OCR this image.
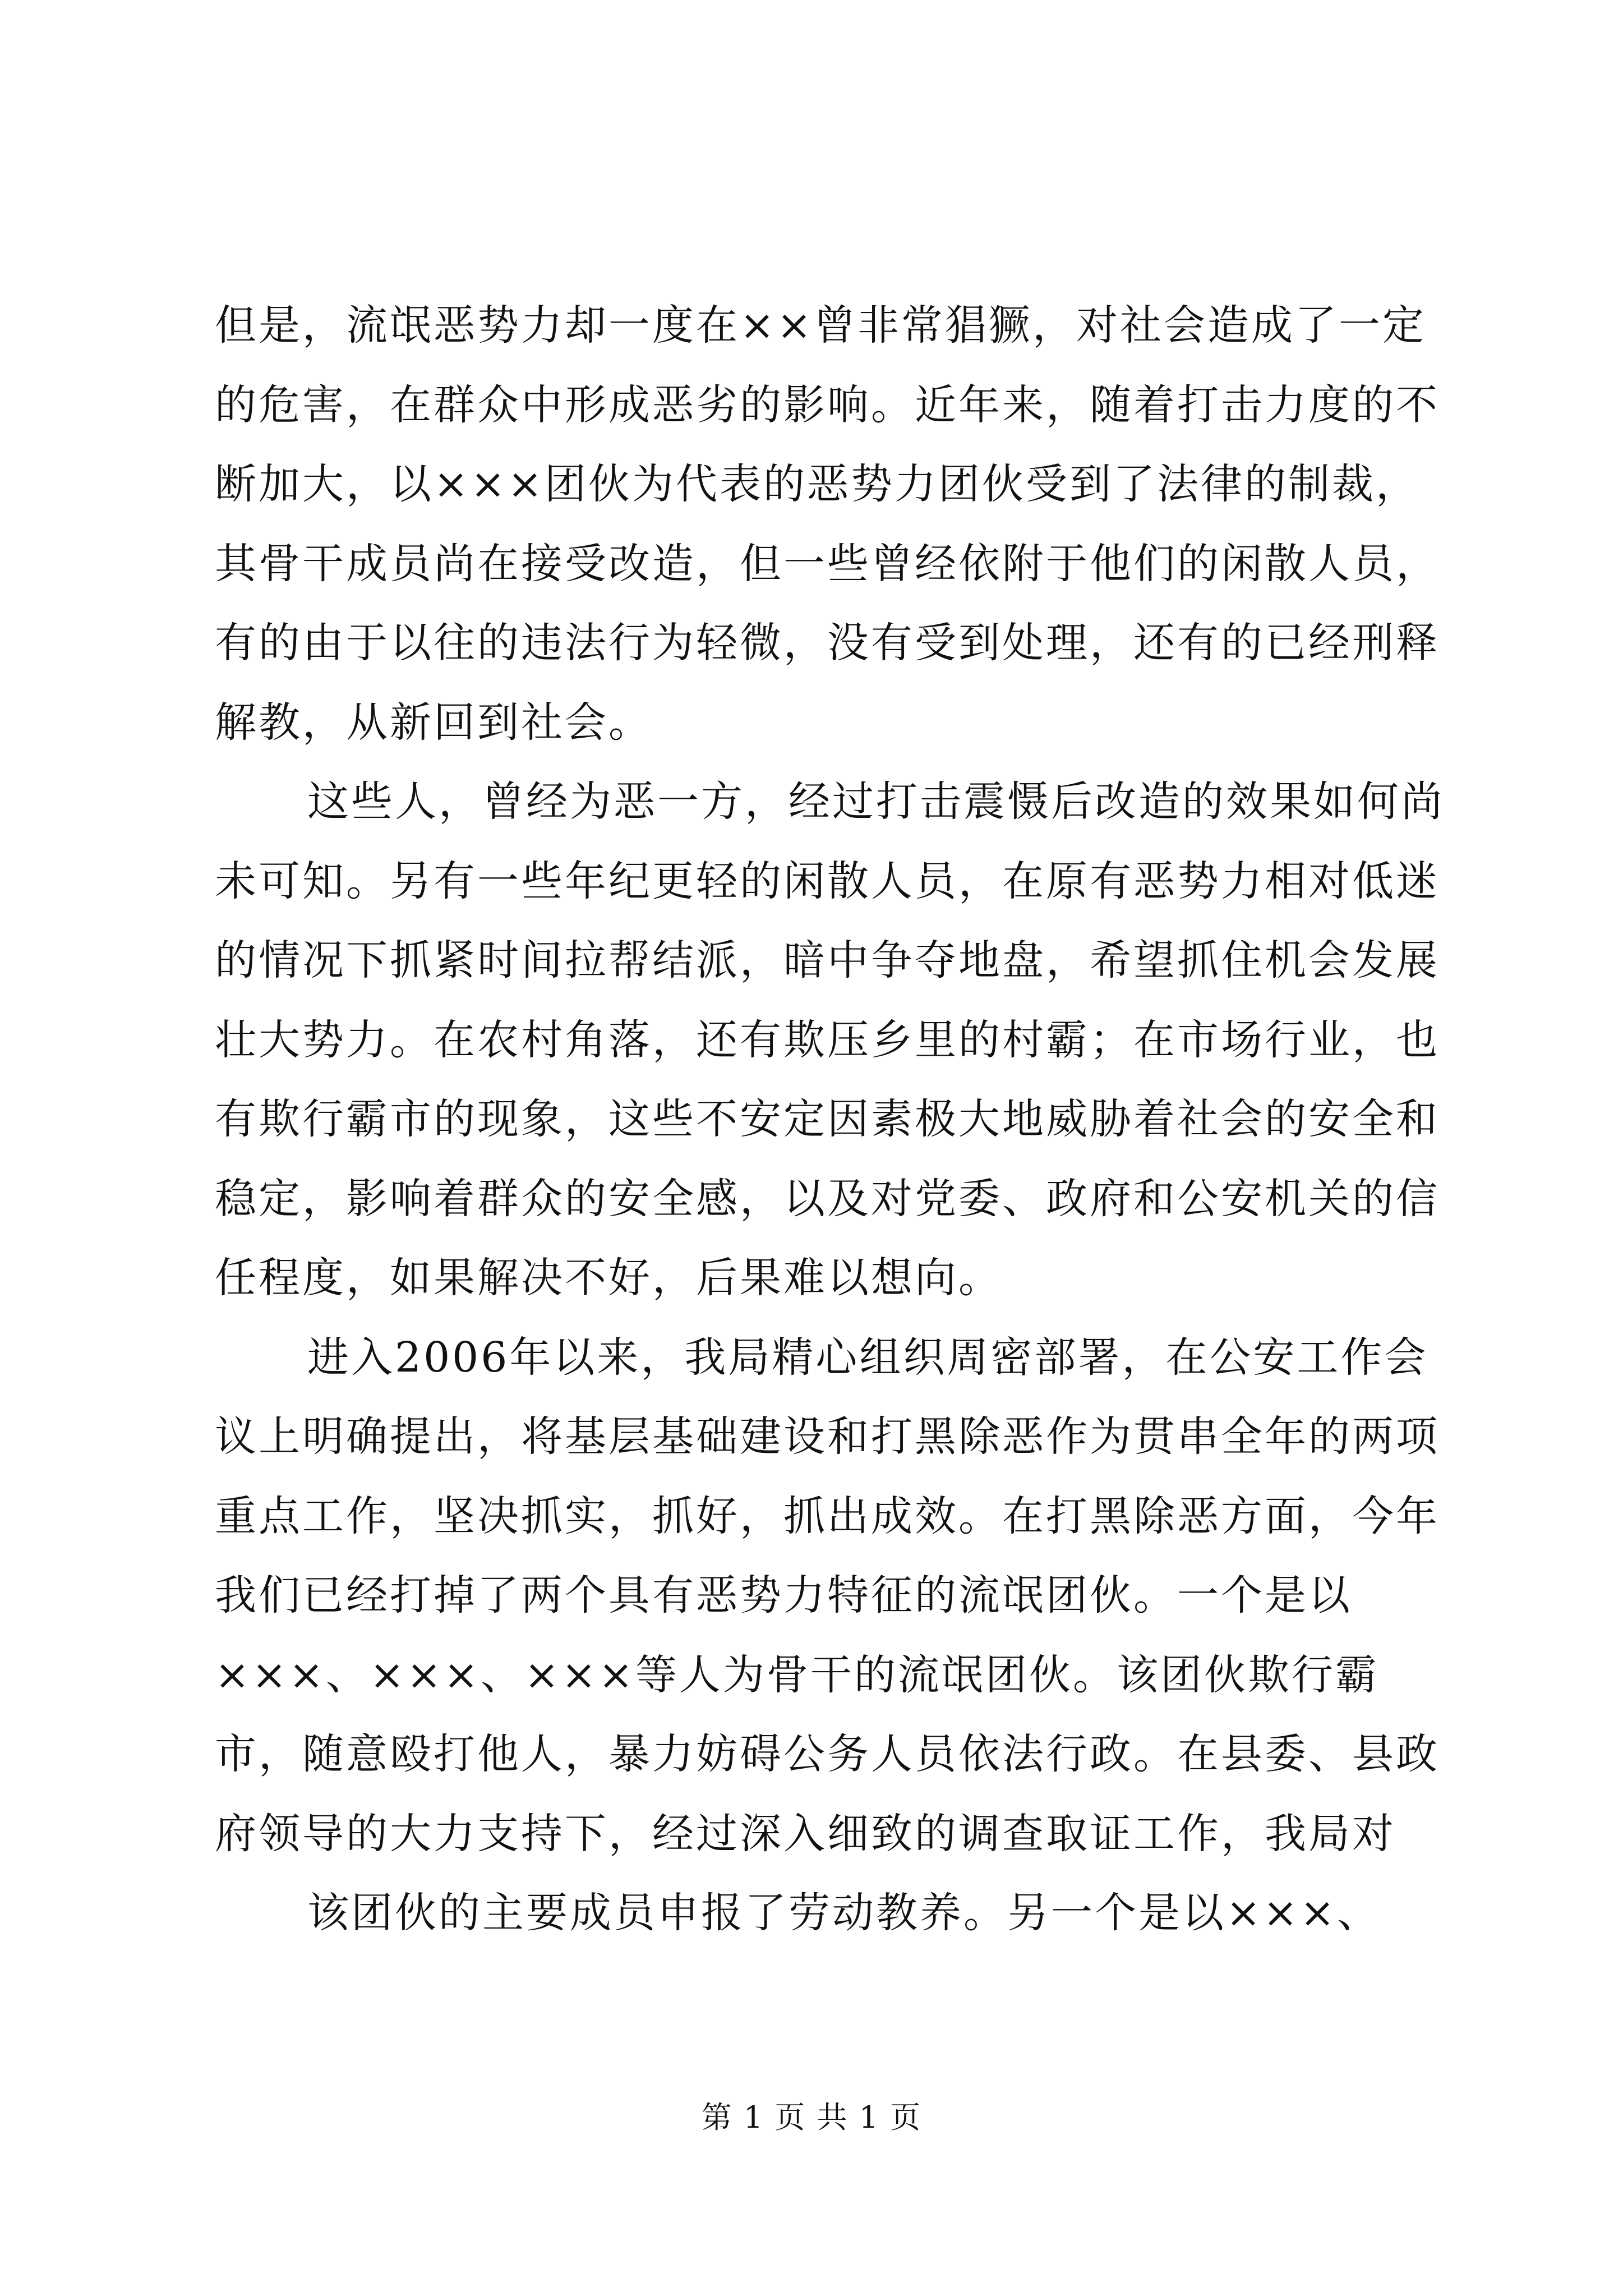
但是，流氓恶势力却一度在××曾非常猖獗，对社会造成了一定
的危害，在群众中形成恶劣的影响。近年来，随着打击力度的不
断加大，以×××团伙为代表的恶势力团伙受到了法律的制裁，
其骨干成员尚在接受改造，但一些曾经依附于他们的闲散人员，
有的由于以往的违法行为轻微，没有受到处理，还有的已经刑释
解教，从新回到社会。
这些人，曾经为恶一方，经过打击震慑后改造的效果如何尚
未可知。另有一些年纪更轻的闲散人员，在原有恶势力相对低迷
的情况下抓紧时间拉帮结派，暗中争夺地盘，希望抓住机会发展
壮大势力。在农村角落，还有欺压乡里的村霸；在市场行业，也
有欺行霸市的现象，这些不安定因素极大地威胁着社会的安全和
稳定，影响着群众的安全感，以及对党委、政府和公安机关的信
任程度，如果解决不好，后果难以想向。
进入2006年以来，我局精心组织周密部署，在公安工作会
议上明确提出，将基层基础建设和打黑除恶作为贯串全年的两项
重点工作，坚决抓实，抓好，抓出成效。在打黑除恶方面，今年
我们已经打掉了两个具有恶势力特征的流氓团伙。一个是以
×××、×××、×××等人为骨干的流氓团伙。该团伙欺行霸
市，随意殴打他人，暴力妨碍公务人员依法行政。在县委、县政
府领导的大力支持下，经过深入细致的调查取证工作，我局对
该团伙的主要成员申报了劳动教养。另一个是以×××、
第 1 页 共 1 页
